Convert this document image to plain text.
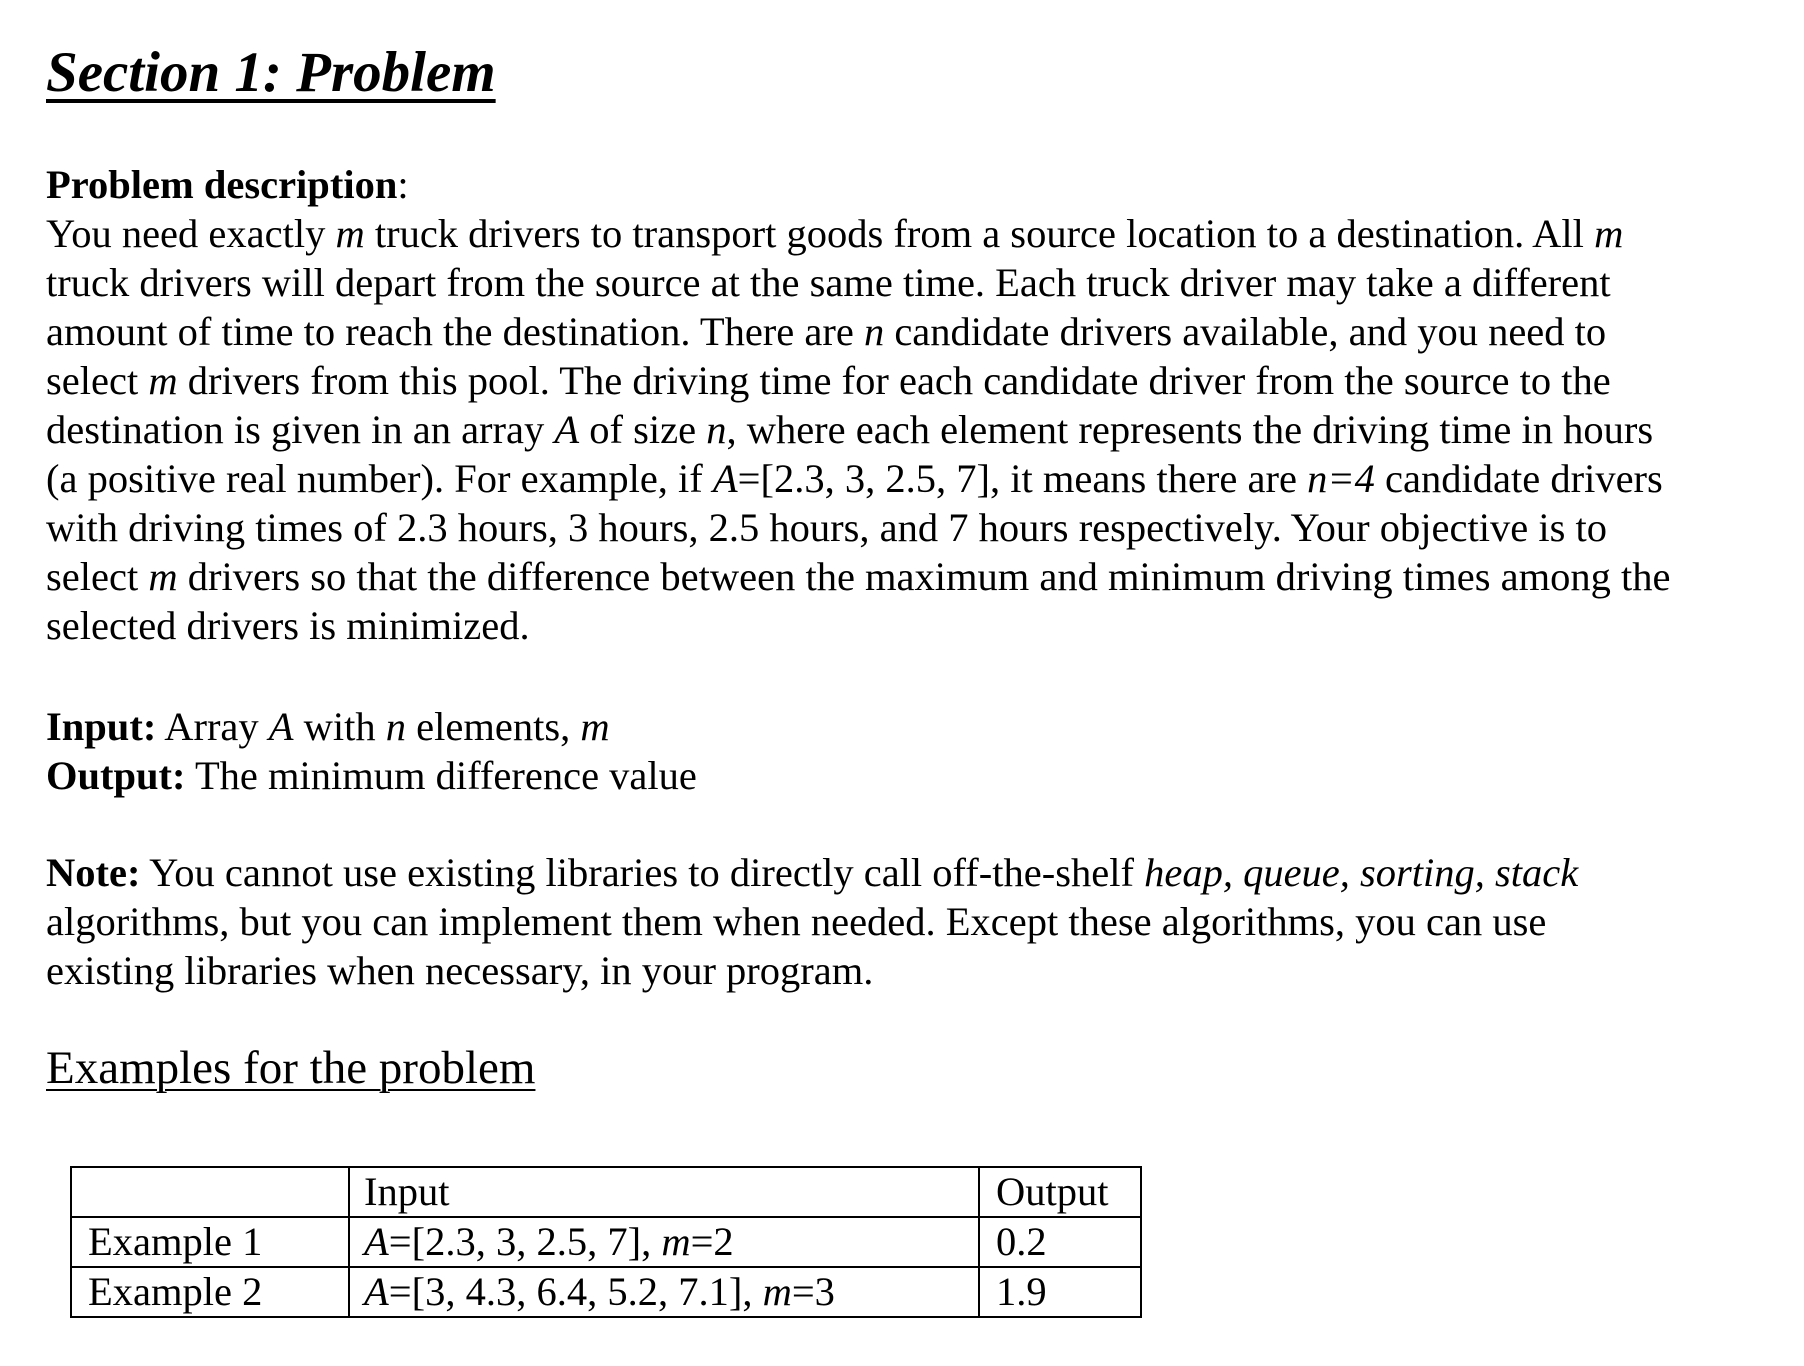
Section 1: Problem
Problem description:
You need exactly m truck drivers to transport goods from a source location to a destination. All m
truck drivers will depart from the source at the same time. Each truck driver may take a different
amount of time to reach the destination. There are n candidate drivers available, and you need to
select m drivers from this pool. The driving time for each candidate driver from the source to the
destination is given in an array A of size n, where each element represents the driving time in hours
(a positive real number). For example, if A=[2.3, 3, 2.5, 7], it means there are n=4 candidate drivers
with driving times of 2.3 hours, 3 hours, 2.5 hours, and 7 hours respectively. Your objective is to
select m drivers so that the difference between the maximum and minimum driving times among the
selected drivers is minimized.
Input: Array A with n elements, m
Output: The minimum difference value
Note: You cannot use existing libraries to directly call off-the-shelf heap, queue, sorting, stack
algorithms, but you can implement them when needed. Except these algorithms, you can use
existing libraries when necessary, in your program.
Examples for the problem
	Input	Output
Example 1	A=[2.3, 3, 2.5, 7], m=2	0.2
Example 2	A=[3, 4.3, 6.4, 5.2, 7.1], m=3	1.9
